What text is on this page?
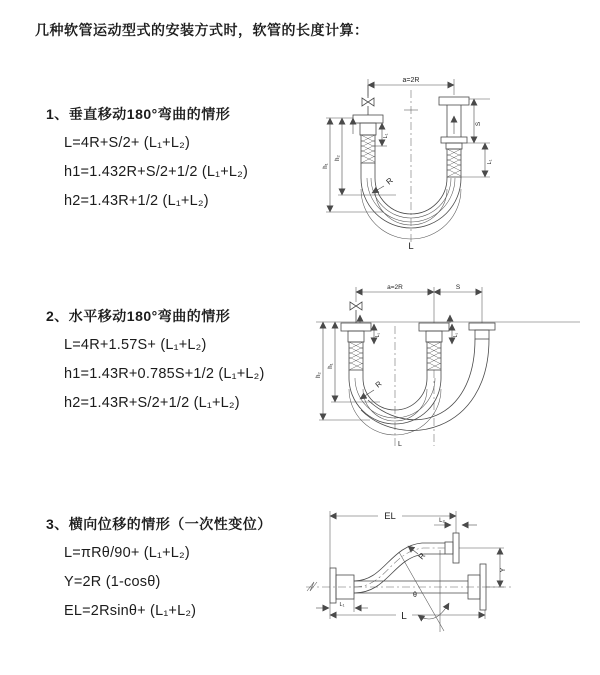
几种软管运动型式的安装方式时，软管的长度计算：
1、垂直移动180°弯曲的情形

L=4R+S/2+ (L₁+L₂)

h1=1.432R+S/2+1/2 (L₁+L₂)

h2=1.43R+1/2 (L₁+L₂)

a=2R
S
L₁
L₁
h₁
h₂
R
L
2、水平移动180°弯曲的情形

L=4R+1.57S+ (L₁+L₂)

h1=1.43R+0.785S+1/2 (L₁+L₂)

h2=1.43R+S/2+1/2 (L₁+L₂)

a=2R	S
L₁	L₁
h₂
h₁
R
L
3、横向位移的情形（一次性变位）

L=πRθ/90+ (L₁+L₂)

Y=2R (1-cosθ)

EL=2Rsinθ+ (L₁+L₂)

EL	L₂
Y
L
L₁
R
θ
